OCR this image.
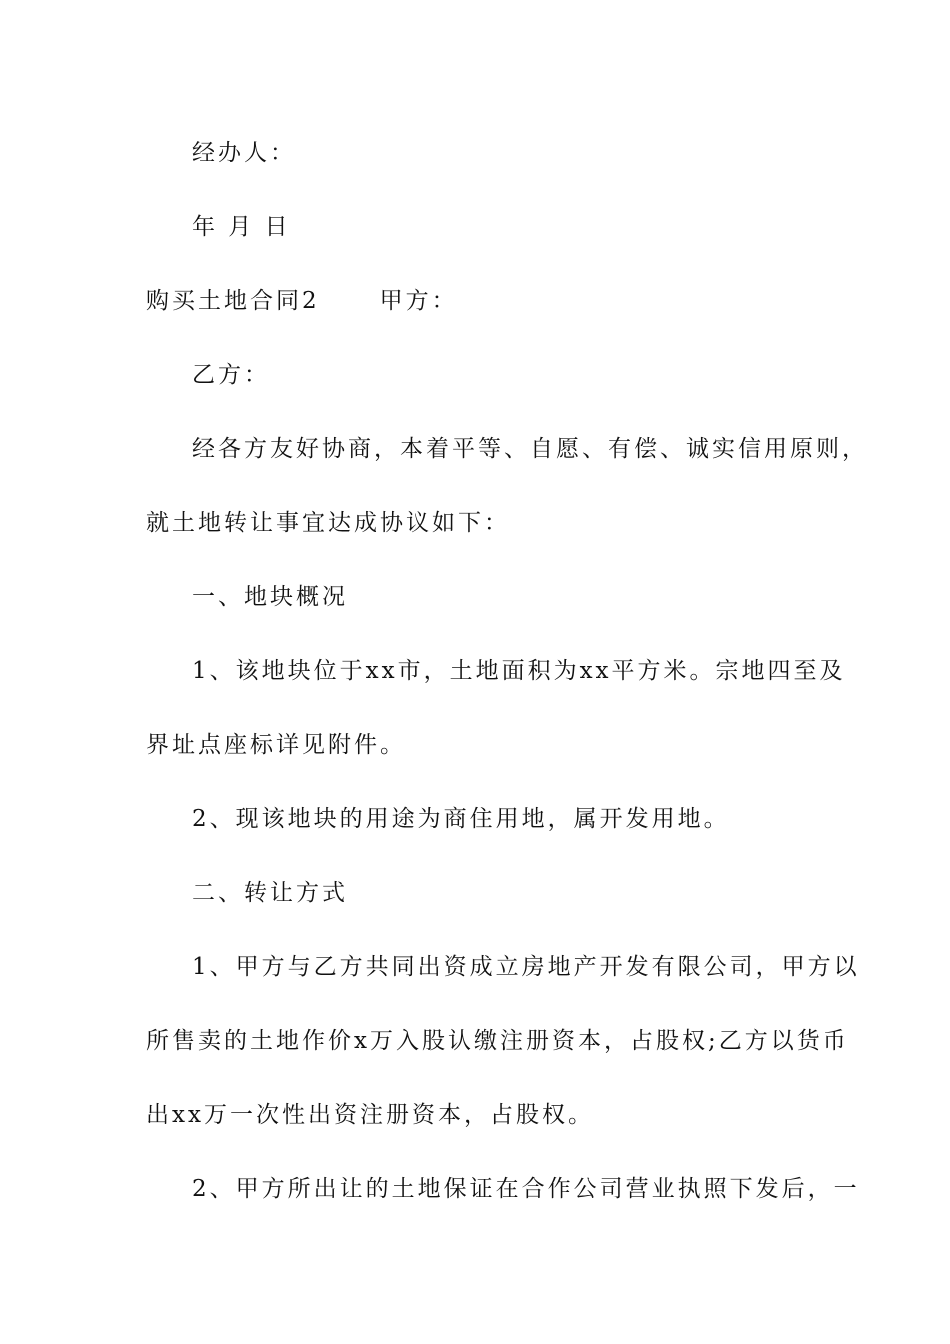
经办人：
年 月 日
购买土地合同2	甲方：
乙方：
经各方友好协商，本着平等、自愿、有偿、诚实信用原则，
就土地转让事宜达成协议如下：
一、地块概况
1、该地块位于xx市，土地面积为xx平方米。宗地四至及
界址点座标详见附件。
2、现该地块的用途为商住用地，属开发用地。
二、转让方式
1、甲方与乙方共同出资成立房地产开发有限公司，甲方以
所售卖的土地作价x万入股认缴注册资本，占股权;乙方以货币
出xx万一次性出资注册资本，占股权。
2、甲方所出让的土地保证在合作公司营业执照下发后，一
